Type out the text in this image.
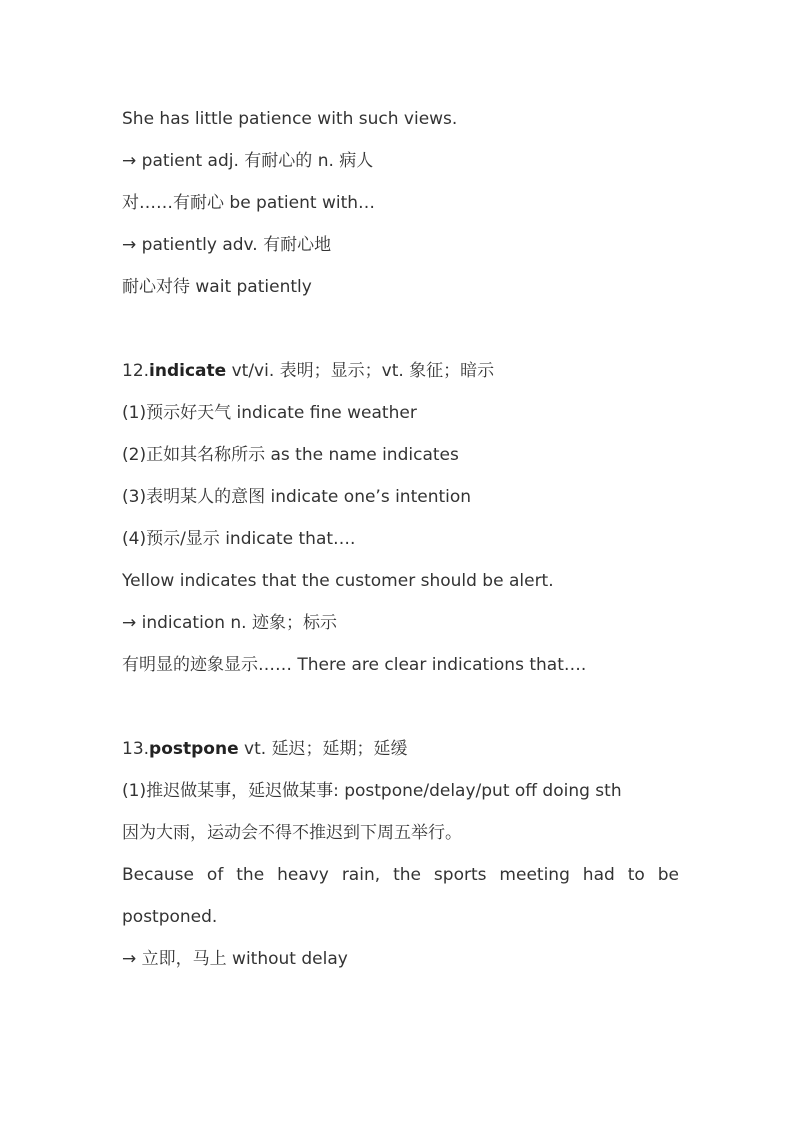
She has little patience with such views.
→ patient adj. 有耐心的 n. 病人
对……有耐心 be patient with…
→ patiently adv. 有耐心地
耐心对待 wait patiently
12.indicate vt/vi. 表明；显示；vt. 象征；暗示
(1)预示好天气 indicate fine weather
(2)正如其名称所示 as the name indicates
(3)表明某人的意图 indicate one’s intention
(4)预示/显示 indicate that….
Yellow indicates that the customer should be alert.
→ indication n. 迹象；标示
有明显的迹象显示…… There are clear indications that….
13.postpone vt. 延迟；延期；延缓
(1)推迟做某事，延迟做某事: postpone/delay/put off doing sth
因为大雨，运动会不得不推迟到下周五举行。
Because of the heavy rain, the sports meeting had to be
postponed.
→ 立即，马上 without delay
